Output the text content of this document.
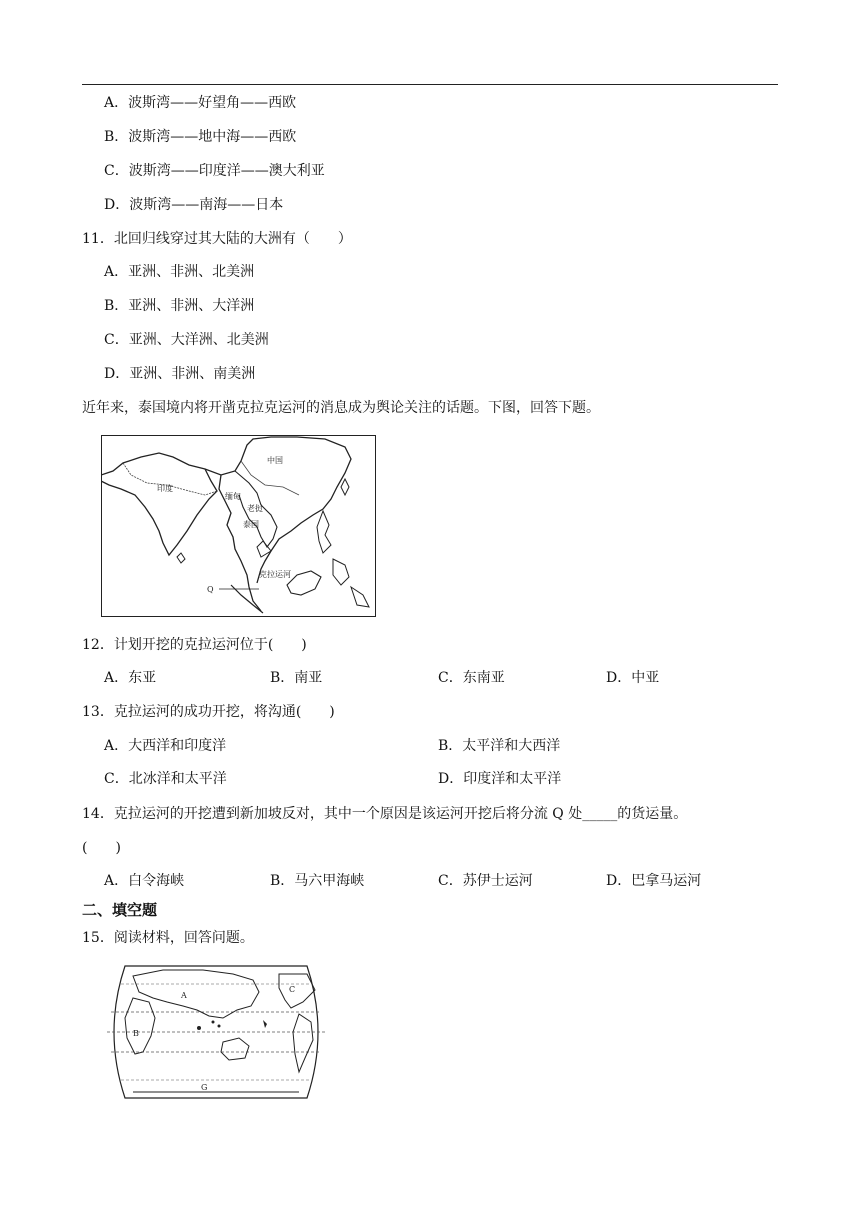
A．波斯湾——好望角——西欧
B．波斯湾——地中海——西欧
C．波斯湾——印度洋——澳大利亚
D．波斯湾——南海——日本
11．北回归线穿过其大陆的大洲有（　　）
A．亚洲、非洲、北美洲
B．亚洲、非洲、大洋洲
C．亚洲、大洋洲、北美洲
D．亚洲、非洲、南美洲
近年来，泰国境内将开凿克拉克运河的消息成为舆论关注的话题。下图，回答下题。
中国
印度
缅甸
老挝
泰国
克拉运河
Q
12．计划开挖的克拉运河位于(　　)
A．东亚	B．南亚	C．东南亚	D．中亚
13．克拉运河的成功开挖，将沟通(　　)
A．大西洋和印度洋	B．太平洋和大西洋
C．北冰洋和太平洋	D．印度洋和太平洋
14．克拉运河的开挖遭到新加坡反对，其中一个原因是该运河开挖后将分流 Q 处_____的货运量。
(　　)
A．白令海峡	B．马六甲海峡	C．苏伊士运河	D．巴拿马运河
二、填空题
15．阅读材料，回答问题。
A
B
C
G
